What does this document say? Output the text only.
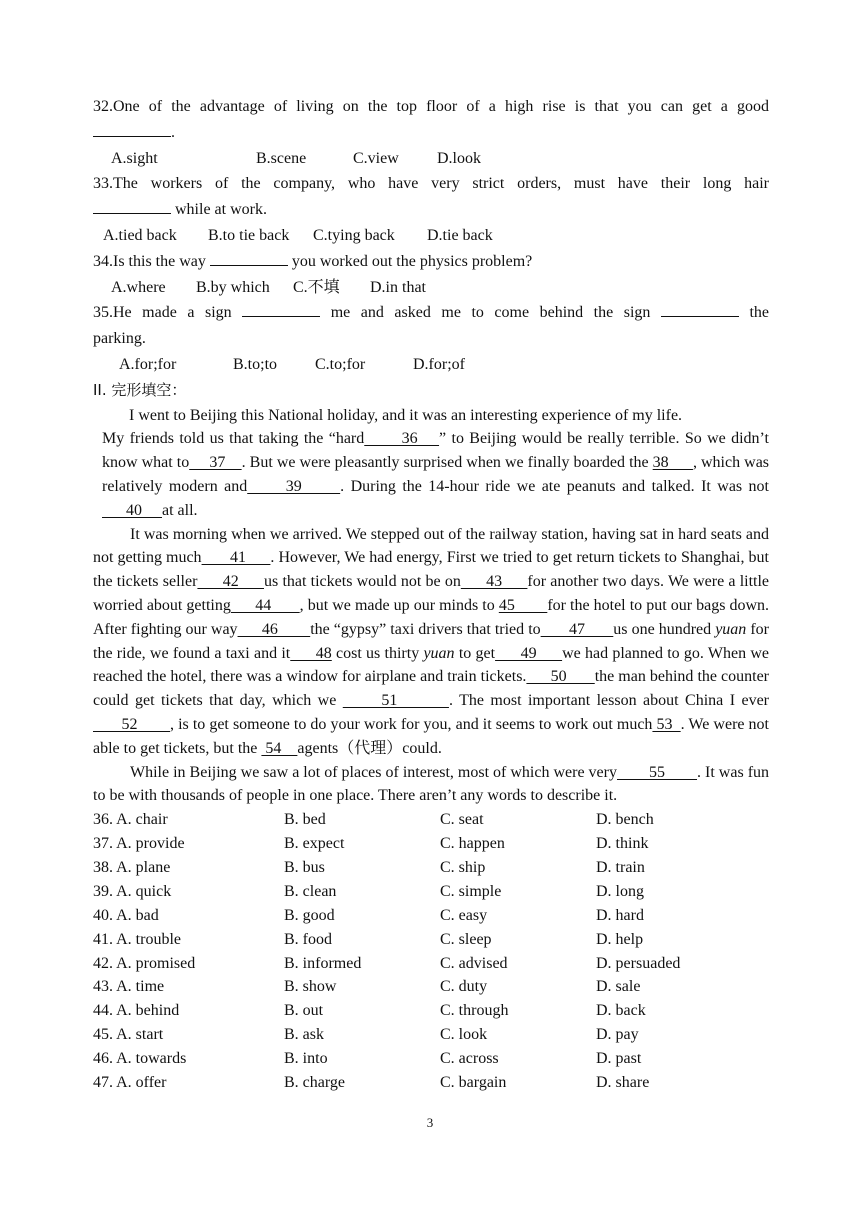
32.One of the advantage of living on the top floor of a high rise is that you can get a good
.
A.sight	B.scene	C.view D.look
33.The workers of the company, who have very strict orders, must have their long hair
while at work.
A.tied back B.to tie back C.tying back D.tie back
34.Is this the way	you worked out the physics problem?
A.where B.by which C.不填 D.in that
35.He made a sign	me and asked me to come behind the sign	the
parking.
A.for;for	B.to;to C.to;for	D.for;of
II. 完形填空：
I went to Beijing this National holiday, and it was an interesting experience of my life.
My friends told us that taking the “hard       36    ” to Beijing would be really terrible. So we didn’t know what to     37    . But we were pleasantly surprised when we finally boarded the 38      , which was relatively modern and      39      . During the 14-hour ride we ate peanuts and talked. It was not      40     at all.
It was morning when we arrived. We stepped out of the railway station, having sat in hard seats and not getting much       41      . However, We had energy, First we tried to get return tickets to Shanghai, but the tickets seller      42      us that tickets would not be on      43      for another two days. We were a little worried about getting      44       , but we made up our minds to 45        for the hotel to put our bags down. After fighting our way      46        the “gypsy” taxi drivers that tried to       47       us one hundred yuan for the ride, we found a taxi and it      48 cost us thirty yuan to get      49      we had planned to go. When we reached the hotel, there was a window for airplane and train tickets.      50       the man behind the counter could get tickets that day, which we       51        . The most important lesson about China I ever       52        , is to get someone to do your work for you, and it seems to work out much 53  . We were not able to get tickets, but the  54    agents（代理）could.
While in Beijing we saw a lot of places of interest, most of which were very        55        . It was fun to be with thousands of people in one place. There aren’t any words to describe it.
36. A. chair	B. bed	C. seat	D. bench
37. A. provide	B. expect	C. happen	D. think
38. A. plane	B. bus	C. ship	D. train
39. A. quick	B. clean	C. simple	D. long
40. A. bad	B. good	C. easy	D. hard
41. A. trouble	B. food	C. sleep	D. help
42. A. promised	B. informed	C. advised	D. persuaded
43. A. time	B. show	C. duty	D. sale
44. A. behind	B. out	C. through	D. back
45. A. start	B. ask	C. look	D. pay
46. A. towards	B. into	C. across	D. past
47. A. offer	B. charge	C. bargain	D. share
3
